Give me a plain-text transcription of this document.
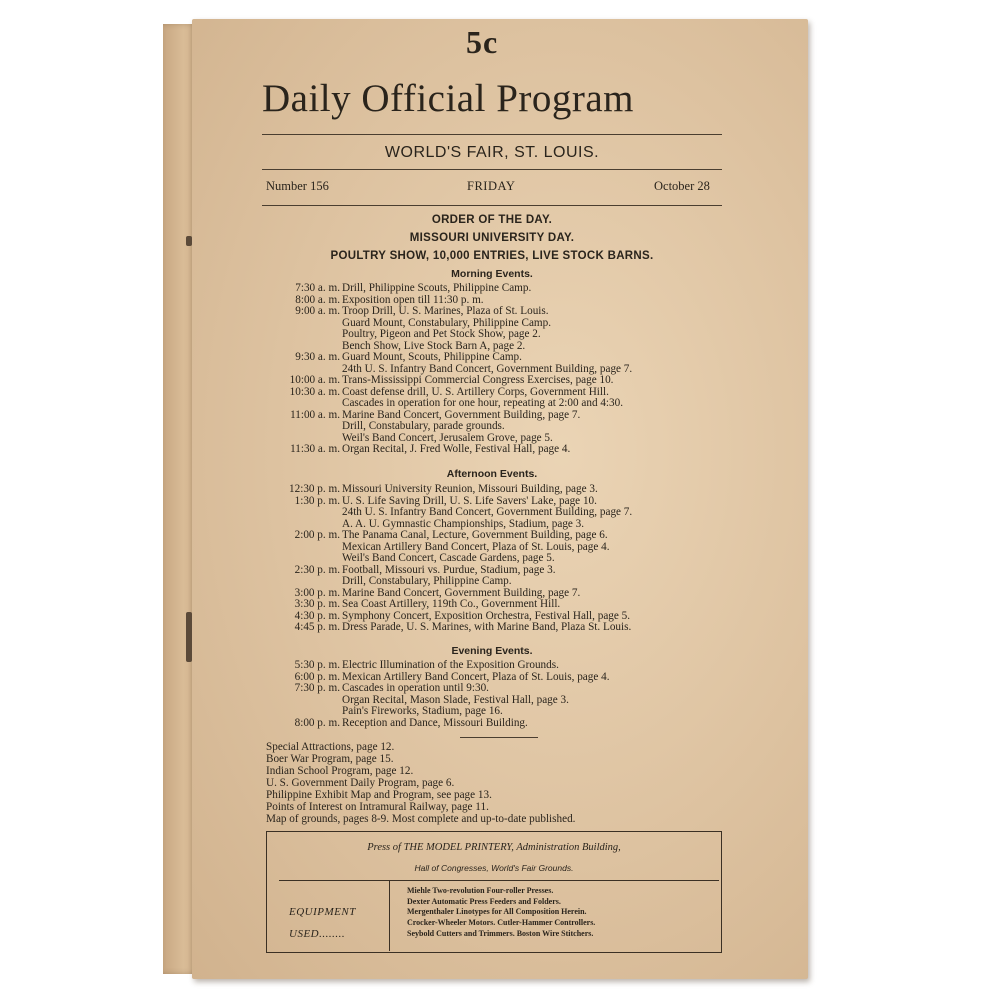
5c
Daily Official Program
WORLD'S FAIR, ST. LOUIS.
Number 156	FRIDAY	October 28
ORDER OF THE DAY.
MISSOURI UNIVERSITY DAY.
POULTRY SHOW, 10,000 ENTRIES, LIVE STOCK BARNS.
Morning Events.
7:30 a. m. Drill, Philippine Scouts, Philippine Camp.
8:00 a. m. Exposition open till 11:30 p. m.
9:00 a. m. Troop Drill, U. S. Marines, Plaza of St. Louis.
Guard Mount, Constabulary, Philippine Camp.
Poultry, Pigeon and Pet Stock Show, page 2.
Bench Show, Live Stock Barn A, page 2.
9:30 a. m. Guard Mount, Scouts, Philippine Camp.
24th U. S. Infantry Band Concert, Government Building, page 7.
10:00 a. m. Trans-Mississippi Commercial Congress Exercises, page 10.
10:30 a. m. Coast defense drill, U. S. Artillery Corps, Government Hill.
Cascades in operation for one hour, repeating at 2:00 and 4:30.
11:00 a. m. Marine Band Concert, Government Building, page 7.
Drill, Constabulary, parade grounds.
Weil's Band Concert, Jerusalem Grove, page 5.
11:30 a. m. Organ Recital, J. Fred Wolle, Festival Hall, page 4.
Afternoon Events.
12:30 p. m. Missouri University Reunion, Missouri Building, page 3.
1:30 p. m. U. S. Life Saving Drill, U. S. Life Savers' Lake, page 10.
24th U. S. Infantry Band Concert, Government Building, page 7.
A. A. U. Gymnastic Championships, Stadium, page 3.
2:00 p. m. The Panama Canal, Lecture, Government Building, page 6.
Mexican Artillery Band Concert, Plaza of St. Louis, page 4.
Weil's Band Concert, Cascade Gardens, page 5.
2:30 p. m. Football, Missouri vs. Purdue, Stadium, page 3.
Drill, Constabulary, Philippine Camp.
3:00 p. m. Marine Band Concert, Government Building, page 7.
3:30 p. m. Sea Coast Artillery, 119th Co., Government Hill.
4:30 p. m. Symphony Concert, Exposition Orchestra, Festival Hall, page 5.
4:45 p. m. Dress Parade, U. S. Marines, with Marine Band, Plaza St. Louis.
Evening Events.
5:30 p. m. Electric Illumination of the Exposition Grounds.
6:00 p. m. Mexican Artillery Band Concert, Plaza of St. Louis, page 4.
7:30 p. m. Cascades in operation until 9:30.
Organ Recital, Mason Slade, Festival Hall, page 3.
Pain's Fireworks, Stadium, page 16.
8:00 p. m. Reception and Dance, Missouri Building.
Special Attractions, page 12.
Boer War Program, page 15.
Indian School Program, page 12.
U. S. Government Daily Program, page 6.
Philippine Exhibit Map and Program, see page 13.
Points of Interest on Intramural Railway, page 11.
Map of grounds, pages 8-9. Most complete and up-to-date published.
Press of THE MODEL PRINTERY, Administration Building,
Hall of Congresses, World's Fair Grounds.
EQUIPMENT
USED........
Miehle Two-revolution Four-roller Presses.
Dexter Automatic Press Feeders and Folders.
Mergenthaler Linotypes for All Composition Herein.
Crocker-Wheeler Motors. Cutler-Hammer Controllers.
Seybold Cutters and Trimmers. Boston Wire Stitchers.
